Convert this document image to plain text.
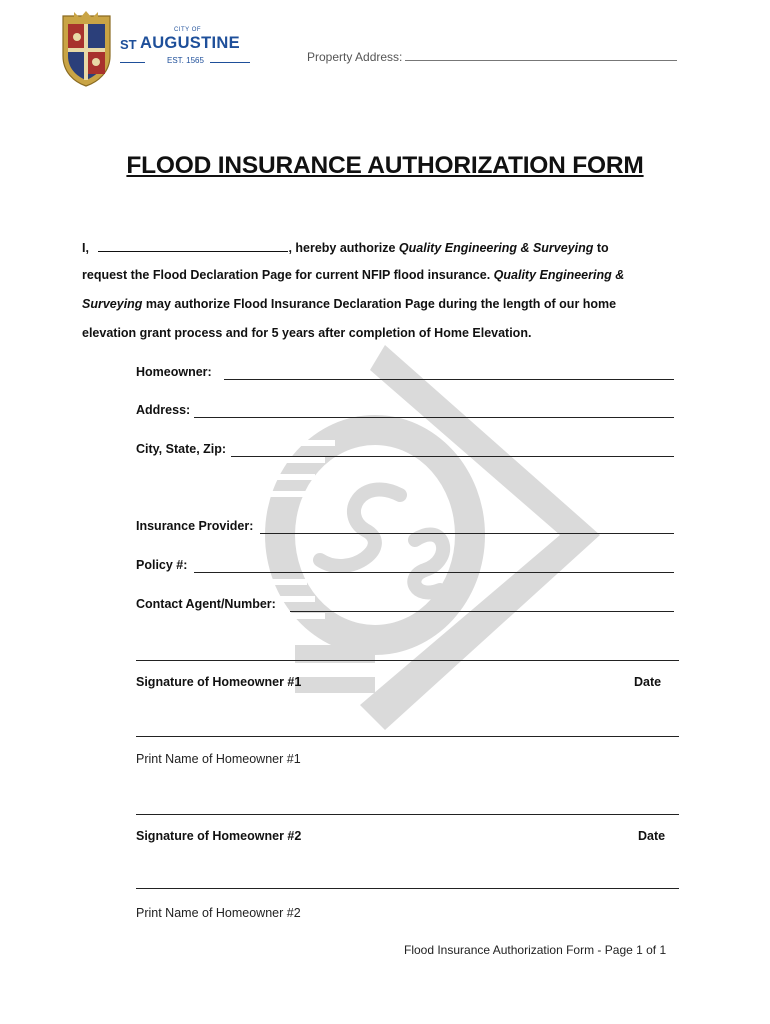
CITY OF
ST AUGUSTINE
EST. 1565	Property Address:
FLOOD INSURANCE AUTHORIZATION FORM
I,	, hereby authorize Quality Engineering & Surveying to
request the Flood Declaration Page for current NFIP flood insurance. Quality Engineering &
Surveying may authorize Flood Insurance Declaration Page during the length of our home
elevation grant process and for 5 years after completion of Home Elevation.
Homeowner:
Address:
City, State, Zip:
Insurance Provider:
Policy #:
Contact Agent/Number:
Signature of Homeowner #1	Date
Print Name of Homeowner #1
Signature of Homeowner #2	Date
Print Name of Homeowner #2
Flood Insurance Authorization Form - Page 1 of 1
